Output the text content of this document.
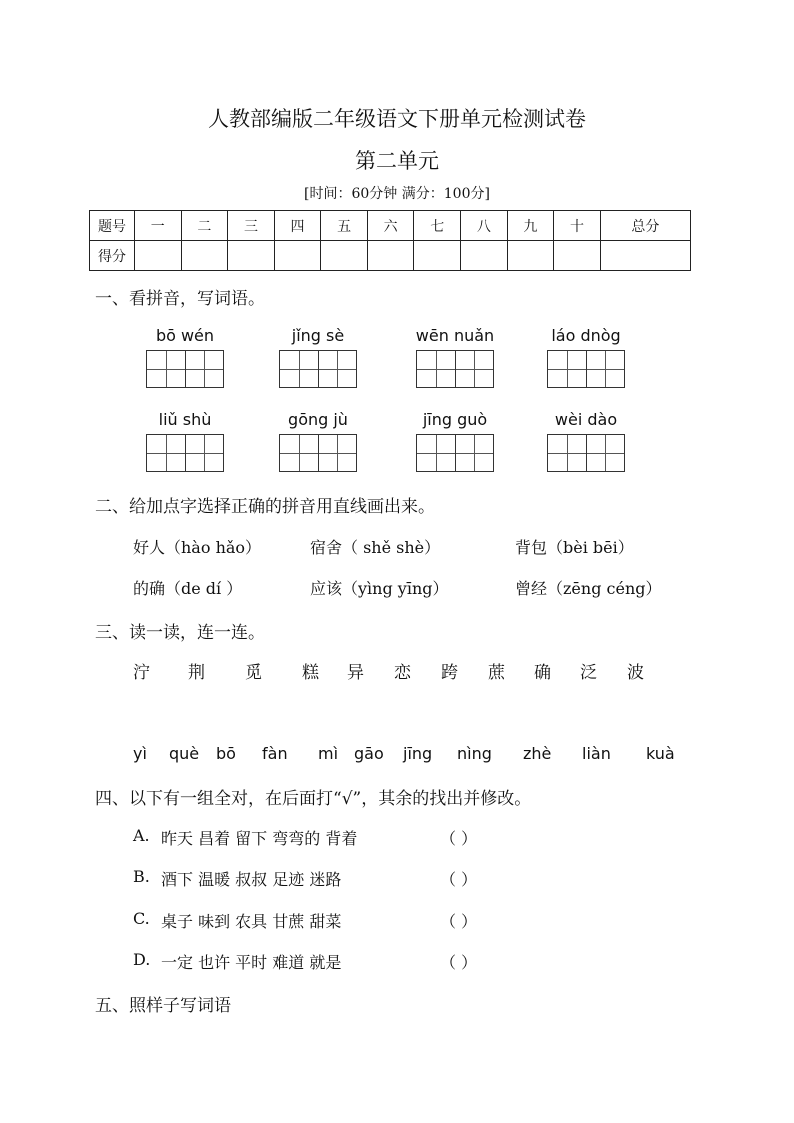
人教部编版二年级语文下册单元检测试卷
第二单元
[时间：60分钟 满分：100分]
题号	一	二	三	四	五	六	七	八	九	十	总分
得分											
一、看拼音，写词语。
bō wén	jǐng sè	wēn nuǎn	láo dnòg
liǔ shù	gōng jù	jīng guò	wèi dào
二、给加点字选择正确的拼音用直线画出来。
好人（hào hǎo）	宿舍（ shě shè）	背包（bèi bēi）
的确（de dí ）	应该（yìng yīng）	曾经（zēng céng）
三、读一读，连一连。
泞 荆 觅 糕 异 恋 跨 蔗 确 泛 波
yì què bō fàn mì gāo jīng nìng zhè liàn kuà
四、以下有一组全对，在后面打“√”，其余的找出并修改。
A. 昨天 昌着 留下 弯弯的 背着	（ ）
B. 酒下 温暖 叔叔 足迹 迷路	（ ）
C. 桌子 味到 农具 甘蔗 甜菜	（ ）
D. 一定 也许 平时 难道 就是	（ ）
五、照样子写词语
